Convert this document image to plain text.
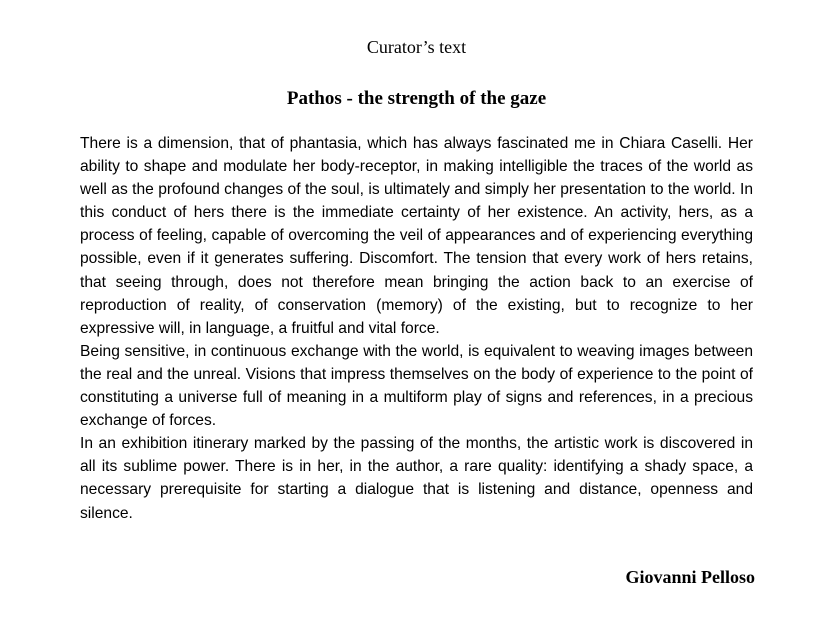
Curator’s text
Pathos - the strength of the gaze

There is a dimension, that of phantasia, which has always fascinated me in Chiara Caselli. Her ability to shape and modulate her body-receptor, in making intelligible the traces of the world as well as the profound changes of the soul, is ultimately and simply her presentation to the world. In this conduct of hers there is the immediate certainty of her existence. An activity, hers, as a process of feeling, capable of overcoming the veil of appearances and of experiencing everything possible, even if it generates suffering. Discomfort. The tension that every work of hers retains, that seeing through, does not therefore mean bringing the action back to an exercise of reproduction of reality, of conservation (memory) of the existing, but to recognize to her expressive will, in language, a fruitful and vital force.

Being sensitive, in continuous exchange with the world, is equivalent to weaving images between the real and the unreal. Visions that impress themselves on the body of experience to the point of constituting a universe full of meaning in a multiform play of signs and references, in a precious exchange of forces.

In an exhibition itinerary marked by the passing of the months, the artistic work is discovered in all its sublime power. There is in her, in the author, a rare quality: identifying a shady space, a necessary prerequisite for starting a dialogue that is listening and distance, openness and silence.

Giovanni Pelloso
